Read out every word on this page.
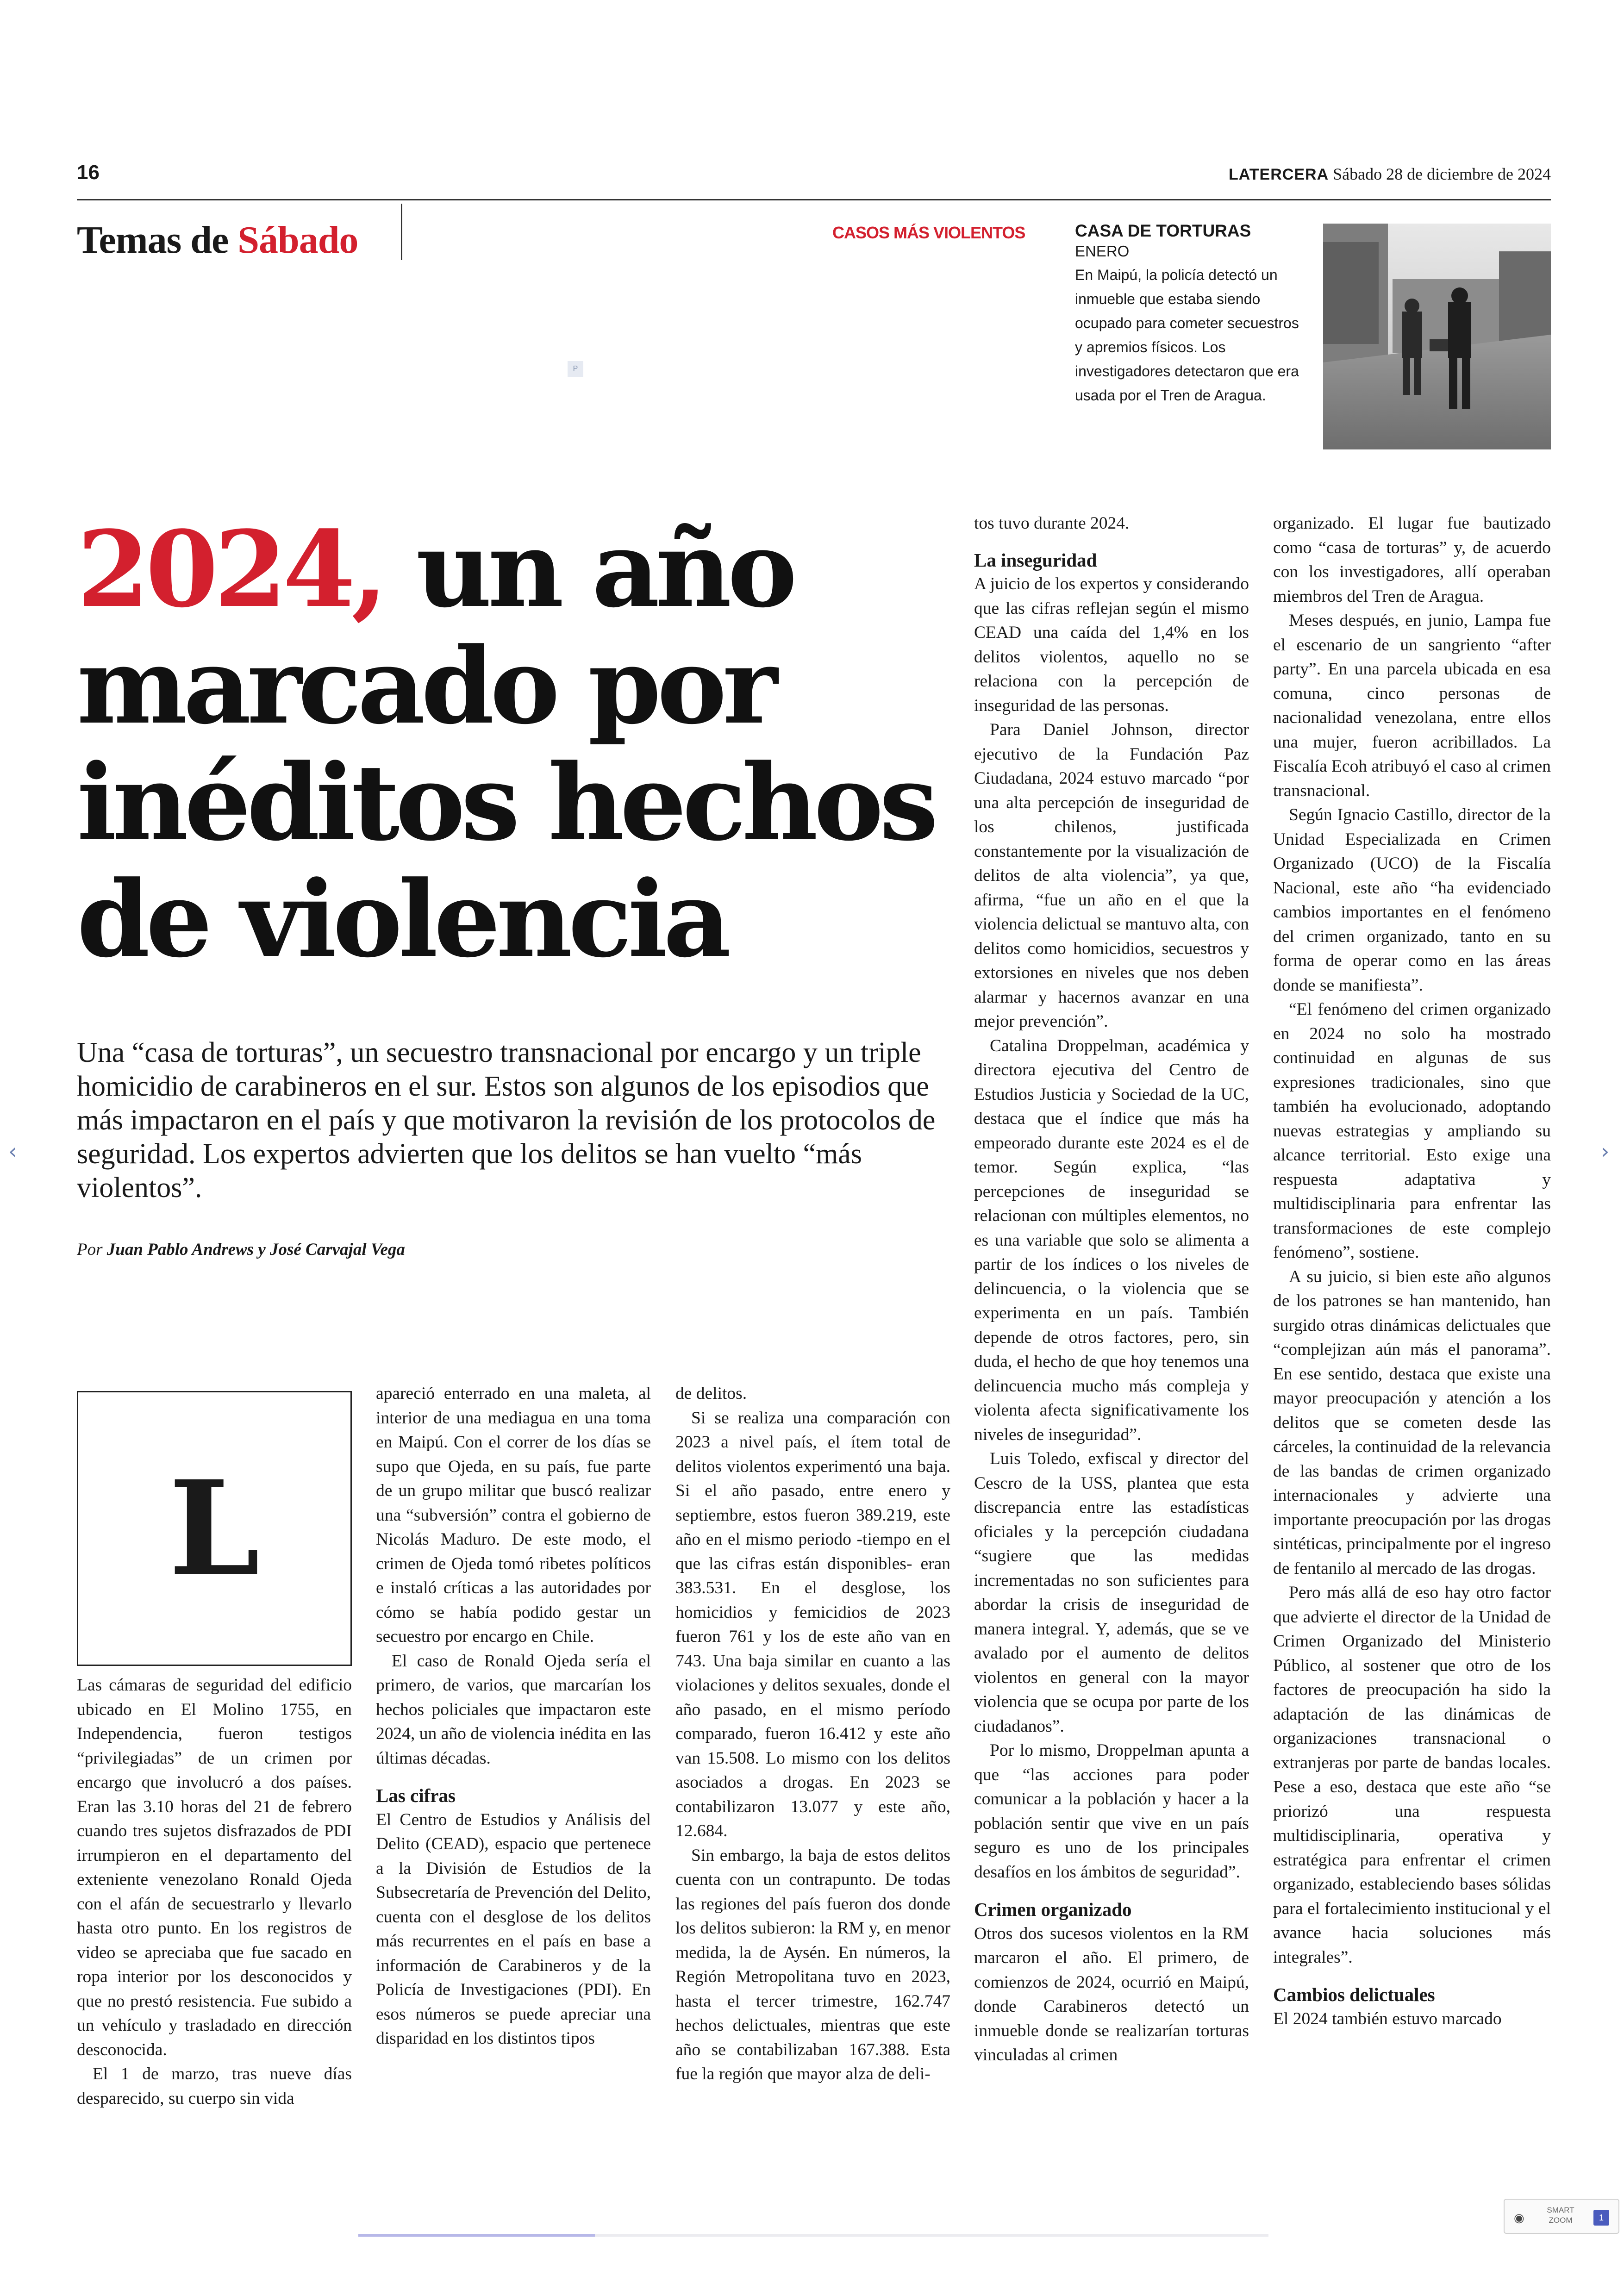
16	LATERCERA Sábado 28 de diciembre de 2024
Temas de Sábado	CASOS MÁS VIOLENTOS	CASA DE TORTURAS
ENERO
En Maipú, la policía detectó un inmueble que estaba siendo ocupado para cometer secuestros y apremios físicos. Los investigadores detectaron que era usada por el Tren de Aragua.
P
2024, un año marcado por inéditos hechos de violencia
Una “casa de torturas”, un secuestro transnacional por encargo y un triple homicidio de carabineros en el sur. Estos son algunos de los episodios que más impactaron en el país y que motivaron la revisión de los protocolos de seguridad. Los expertos advierten que los delitos se han vuelto “más violentos”.
Por Juan Pablo Andrews y José Carvajal Vega
L

Las cámaras de seguridad del edificio ubicado en El Molino 1755, en Independencia, fueron testigos “privilegiadas” de un crimen por encargo que involucró a dos países. Eran las 3.10 horas del 21 de febrero cuando tres sujetos disfrazados de PDI irrumpieron en el departamento del exteniente venezolano Ronald Ojeda con el afán de secuestrarlo y llevarlo hasta otro punto. En los registros de video se apreciaba que fue sacado en ropa interior por los desconocidos y que no prestó resistencia. Fue subido a un vehículo y trasladado en dirección desconocida.

El 1 de marzo, tras nueve días desparecido, su cuerpo sin vida

apareció enterrado en una maleta, al interior de una mediagua en una toma en Maipú. Con el correr de los días se supo que Ojeda, en su país, fue parte de un grupo militar que buscó realizar una “subversión” contra el gobierno de Nicolás Maduro. De este modo, el crimen de Ojeda tomó ribetes políticos e instaló críticas a las autoridades por cómo se había podido gestar un secuestro por encargo en Chile.

El caso de Ronald Ojeda sería el primero, de varios, que marcarían los hechos policiales que impactaron este 2024, un año de violencia inédita en las últimas décadas.

Las cifras

El Centro de Estudios y Análisis del Delito (CEAD), espacio que pertenece a la División de Estudios de la Subsecretaría de Prevención del Delito, cuenta con el desglose de los delitos más recurrentes en el país en base a información de Carabineros y de la Policía de Investigaciones (PDI). En esos números se puede apreciar una disparidad en los distintos tipos

de delitos.

Si se realiza una comparación con 2023 a nivel país, el ítem total de delitos violentos experimentó una baja. Si el año pasado, entre enero y septiembre, estos fueron 389.219, este año en el mismo periodo -tiempo en el que las cifras están disponibles- eran 383.531. En el desglose, los homicidios y femicidios de 2023 fueron 761 y los de este año van en 743. Una baja similar en cuanto a las violaciones y delitos sexuales, donde el año pasado, en el mismo período comparado, fueron 16.412 y este año van 15.508. Lo mismo con los delitos asociados a drogas. En 2023 se contabilizaron 13.077 y este año, 12.684.

Sin embargo, la baja de estos delitos cuenta con un contrapunto. De todas las regiones del país fueron dos donde los delitos subieron: la RM y, en menor medida, la de Aysén. En números, la Región Metropolitana tuvo en 2023, hasta el tercer trimestre, 162.747 hechos delictuales, mientras que este año se contabilizaban 167.388. Esta fue la región que mayor alza de deli-

tos tuvo durante 2024.

La inseguridad

A juicio de los expertos y considerando que las cifras reflejan según el mismo CEAD una caída del 1,4% en los delitos violentos, aquello no se relaciona con la percepción de inseguridad de las personas.

Para Daniel Johnson, director ejecutivo de la Fundación Paz Ciudadana, 2024 estuvo marcado “por una alta percepción de inseguridad de los chilenos, justificada constantemente por la visualización de delitos de alta violencia”, ya que, afirma, “fue un año en el que la violencia delictual se mantuvo alta, con delitos como homicidios, secuestros y extorsiones en niveles que nos deben alarmar y hacernos avanzar en una mejor prevención”.

Catalina Droppelman, académica y directora ejecutiva del Centro de Estudios Justicia y Sociedad de la UC, destaca que el índice que más ha empeorado durante este 2024 es el de temor. Según explica, “las percepciones de inseguridad se relacionan con múltiples elementos, no es una variable que solo se alimenta a partir de los índices o los niveles de delincuencia, o la violencia que se experimenta en un país. También depende de otros factores, pero, sin duda, el hecho de que hoy tenemos una delincuencia mucho más compleja y violenta afecta significativamente los niveles de inseguridad”.

Luis Toledo, exfiscal y director del Cescro de la USS, plantea que esta discrepancia entre las estadísticas oficiales y la percepción ciudadana “sugiere que las medidas incrementadas no son suficientes para abordar la crisis de inseguridad de manera integral. Y, además, que se ve avalado por el aumento de delitos violentos en general con la mayor violencia que se ocupa por parte de los ciudadanos”.

Por lo mismo, Droppelman apunta a que “las acciones para poder comunicar a la población y hacer a la población sentir que vive en un país seguro es uno de los principales desafíos en los ámbitos de seguridad”.

Crimen organizado

Otros dos sucesos violentos en la RM marcaron el año. El primero, de comienzos de 2024, ocurrió en Maipú, donde Carabineros detectó un inmueble donde se realizarían torturas vinculadas al crimen

organizado. El lugar fue bautizado como “casa de torturas” y, de acuerdo con los investigadores, allí operaban miembros del Tren de Aragua.

Meses después, en junio, Lampa fue el escenario de un sangriento “after party”. En una parcela ubicada en esa comuna, cinco personas de nacionalidad venezolana, entre ellos una mujer, fueron acribillados. La Fiscalía Ecoh atribuyó el caso al crimen transnacional.

Según Ignacio Castillo, director de la Unidad Especializada en Crimen Organizado (UCO) de la Fiscalía Nacional, este año “ha evidenciado cambios importantes en el fenómeno del crimen organizado, tanto en su forma de operar como en las áreas donde se manifiesta”.

“El fenómeno del crimen organizado en 2024 no solo ha mostrado continuidad en algunas de sus expresiones tradicionales, sino que también ha evolucionado, adoptando nuevas estrategias y ampliando su alcance territorial. Esto exige una respuesta adaptativa y multidisciplinaria para enfrentar las transformaciones de este complejo fenómeno”, sostiene.

A su juicio, si bien este año algunos de los patrones se han mantenido, han surgido otras dinámicas delictuales que “complejizan aún más el panorama”. En ese sentido, destaca que existe una mayor preocupación y atención a los delitos que se cometen desde las cárceles, la continuidad de la relevancia de las bandas de crimen organizado internacionales y advierte una importante preocupación por las drogas sintéticas, principalmente por el ingreso de fentanilo al mercado de las drogas.

Pero más allá de eso hay otro factor que advierte el director de la Unidad de Crimen Organizado del Ministerio Público, al sostener que otro de los factores de preocupación ha sido la adaptación de las dinámicas de organizaciones transnacional o extranjeras por parte de bandas locales. Pese a eso, destaca que este año “se priorizó una respuesta multidisciplinaria, operativa y estratégica para enfrentar el crimen organizado, estableciendo bases sólidas para el fortalecimiento institucional y el avance hacia soluciones más integrales”.

Cambios delictuales

El 2024 también estuvo marcado

‹	›
◉
SMART
ZOOM	1
